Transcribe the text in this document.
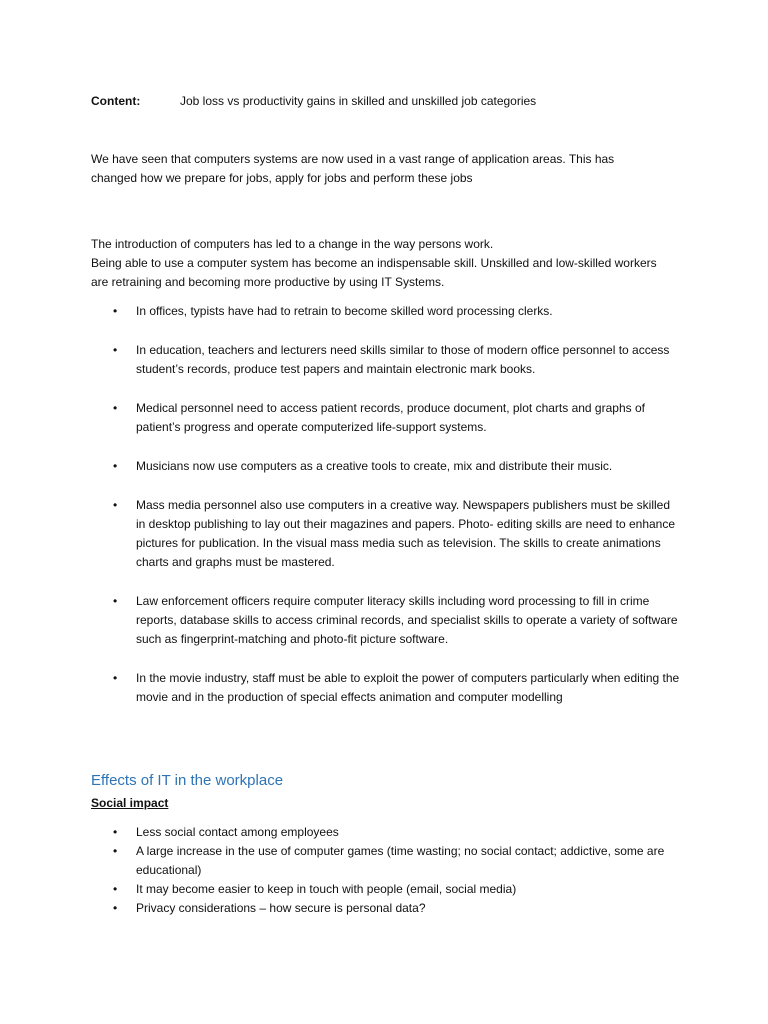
Content:	Job loss vs productivity gains in skilled and unskilled job categories
We have seen that computers systems are now used in a vast range of application areas. This has changed how we prepare for jobs, apply for jobs and perform these jobs
The introduction of computers has led to a change in the way persons work.
Being able to use a computer system has become an indispensable skill. Unskilled and low-skilled workers are retraining and becoming more productive by using IT Systems.
• In offices, typists have had to retrain to become skilled word processing clerks.
• In education, teachers and lecturers need skills similar to those of modern office personnel to access student’s records, produce test papers and maintain electronic mark books.
• Medical personnel need to access patient records, produce document, plot charts and graphs of patient’s progress and operate computerized life-support systems.
• Musicians now use computers as a creative tools to create, mix and distribute their music.
• Mass media personnel also use computers in a creative way. Newspapers publishers must be skilled in desktop publishing to lay out their magazines and papers. Photo- editing skills are need to enhance pictures for publication. In the visual mass media such as television. The skills to create animations charts and graphs must be mastered.
• Law enforcement officers require computer literacy skills including word processing to fill in crime reports, database skills to access criminal records, and specialist skills to operate a variety of software such as fingerprint-matching and photo-fit picture software.
• In the movie industry, staff must be able to exploit the power of computers particularly when editing the movie and in the production of special effects animation and computer modelling
Effects of IT in the workplace
Social impact
• Less social contact among employees
• A large increase in the use of computer games (time wasting; no social contact; addictive, some are educational)
• It may become easier to keep in touch with people (email, social media)
• Privacy considerations – how secure is personal data?
